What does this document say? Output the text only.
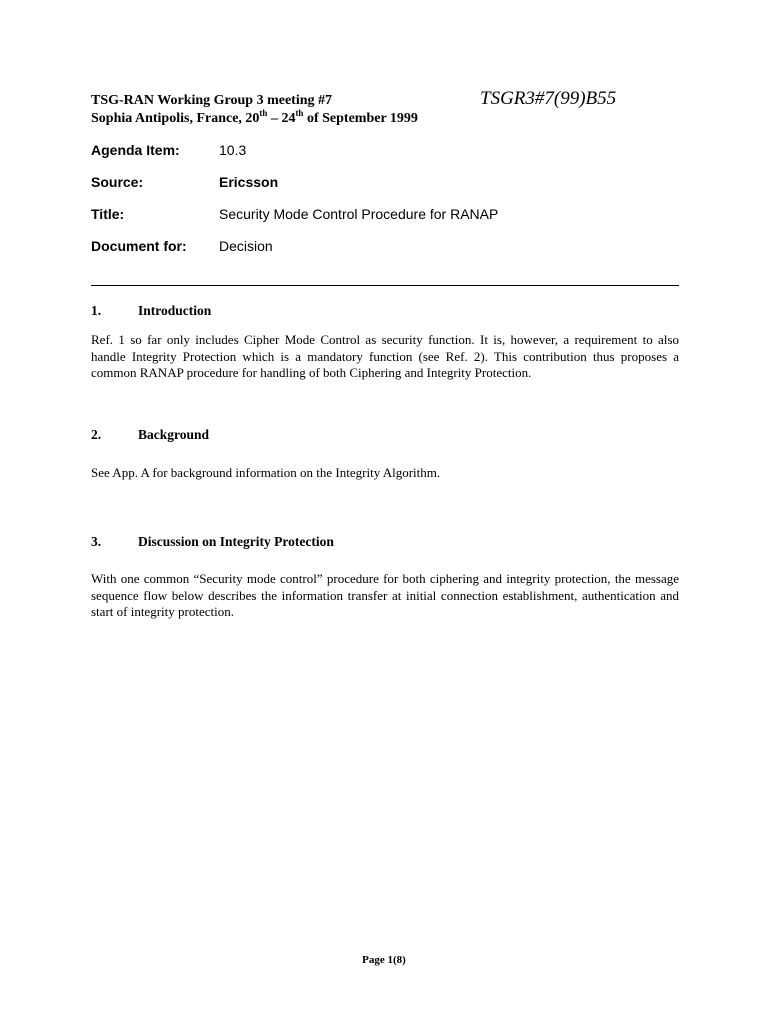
TSG-RAN Working Group 3 meeting #7	TSGR3#7(99)B55
Sophia Antipolis, France, 20th – 24th of September 1999
Agenda Item:	10.3
Source:	Ericsson
Title:	Security Mode Control Procedure for RANAP
Document for: Decision
1.	Introduction
Ref. 1 so far only includes Cipher Mode Control as security function. It is, however, a requirement to also handle Integrity Protection which is a mandatory function (see Ref. 2). This contribution thus proposes a common RANAP procedure for handling of both Ciphering and Integrity Protection.
2.	Background
See App. A for background information on the Integrity Algorithm.
3.	Discussion on Integrity Protection
With one common “Security mode control” procedure for both ciphering and integrity protection, the message sequence flow below describes the information transfer at initial connection establishment, authentication and start of integrity protection.
Page 1(8)
